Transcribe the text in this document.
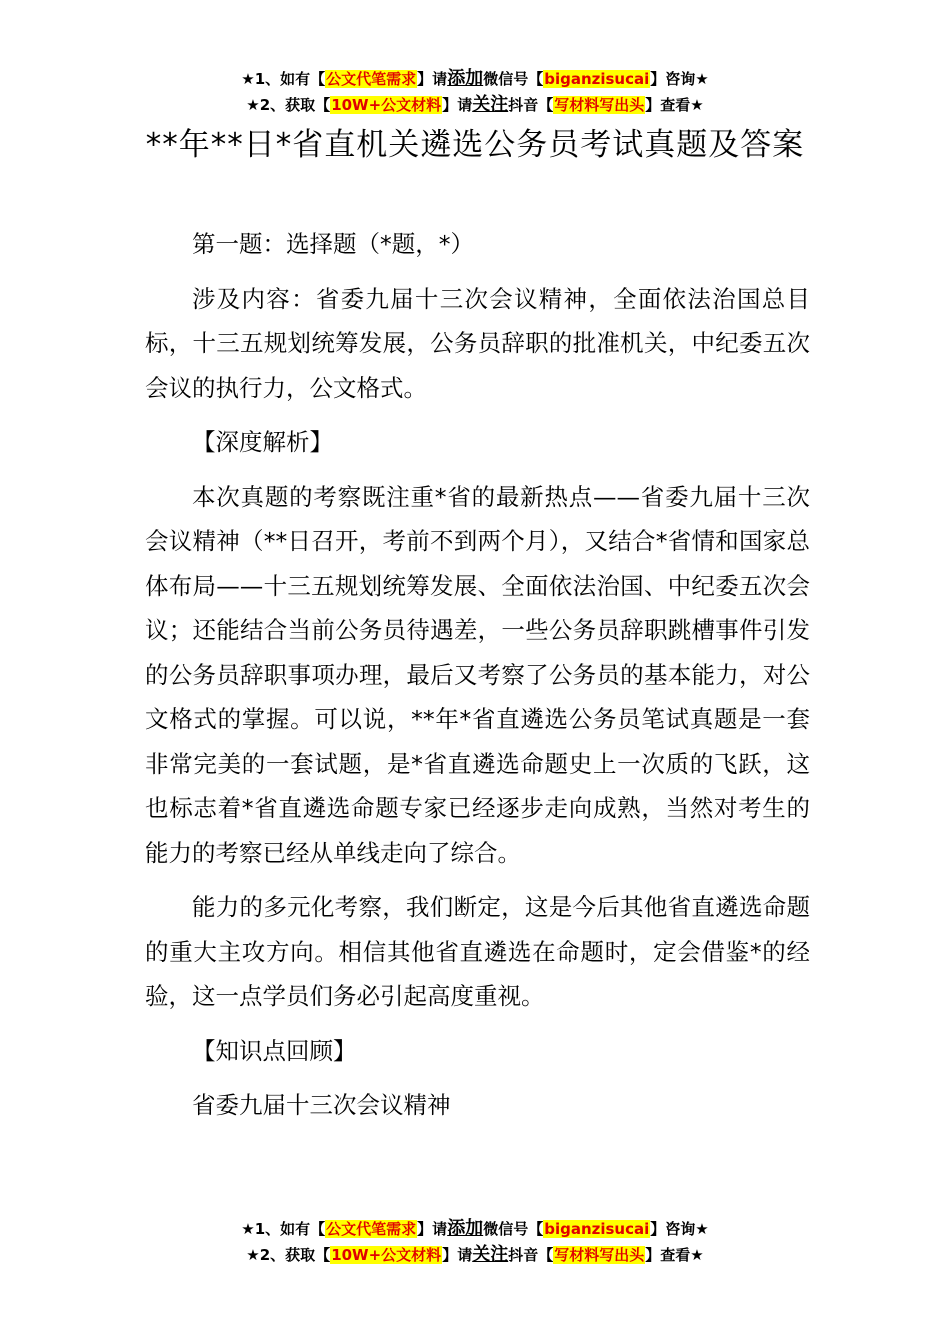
★1、如有【公文代笔需求】请添加微信号【biganzisucai】咨询★
★2、获取【10W+公文材料】请关注抖音【写材料写出头】查看★
**年**日*省直机关遴选公务员考试真题及答案

第一题：选择题（*题，*）

涉及内容：省委九届十三次会议精神，全面依法治国总目标，十三五规划统筹发展，公务员辞职的批准机关，中纪委五次会议的执行力，公文格式。

【深度解析】

本次真题的考察既注重*省的最新热点——省委九届十三次会议精神（**日召开，考前不到两个月），又结合*省情和国家总体布局——十三五规划统筹发展、全面依法治国、中纪委五次会议；还能结合当前公务员待遇差，一些公务员辞职跳槽事件引发的公务员辞职事项办理，最后又考察了公务员的基本能力，对公文格式的掌握。可以说，**年*省直遴选公务员笔试真题是一套非常完美的一套试题，是*省直遴选命题史上一次质的飞跃，这也标志着*省直遴选命题专家已经逐步走向成熟，当然对考生的能力的考察已经从单线走向了综合。

能力的多元化考察，我们断定，这是今后其他省直遴选命题的重大主攻方向。相信其他省直遴选在命题时，定会借鉴*的经验，这一点学员们务必引起高度重视。

【知识点回顾】

省委九届十三次会议精神

★1、如有【公文代笔需求】请添加微信号【biganzisucai】咨询★
★2、获取【10W+公文材料】请关注抖音【写材料写出头】查看★
